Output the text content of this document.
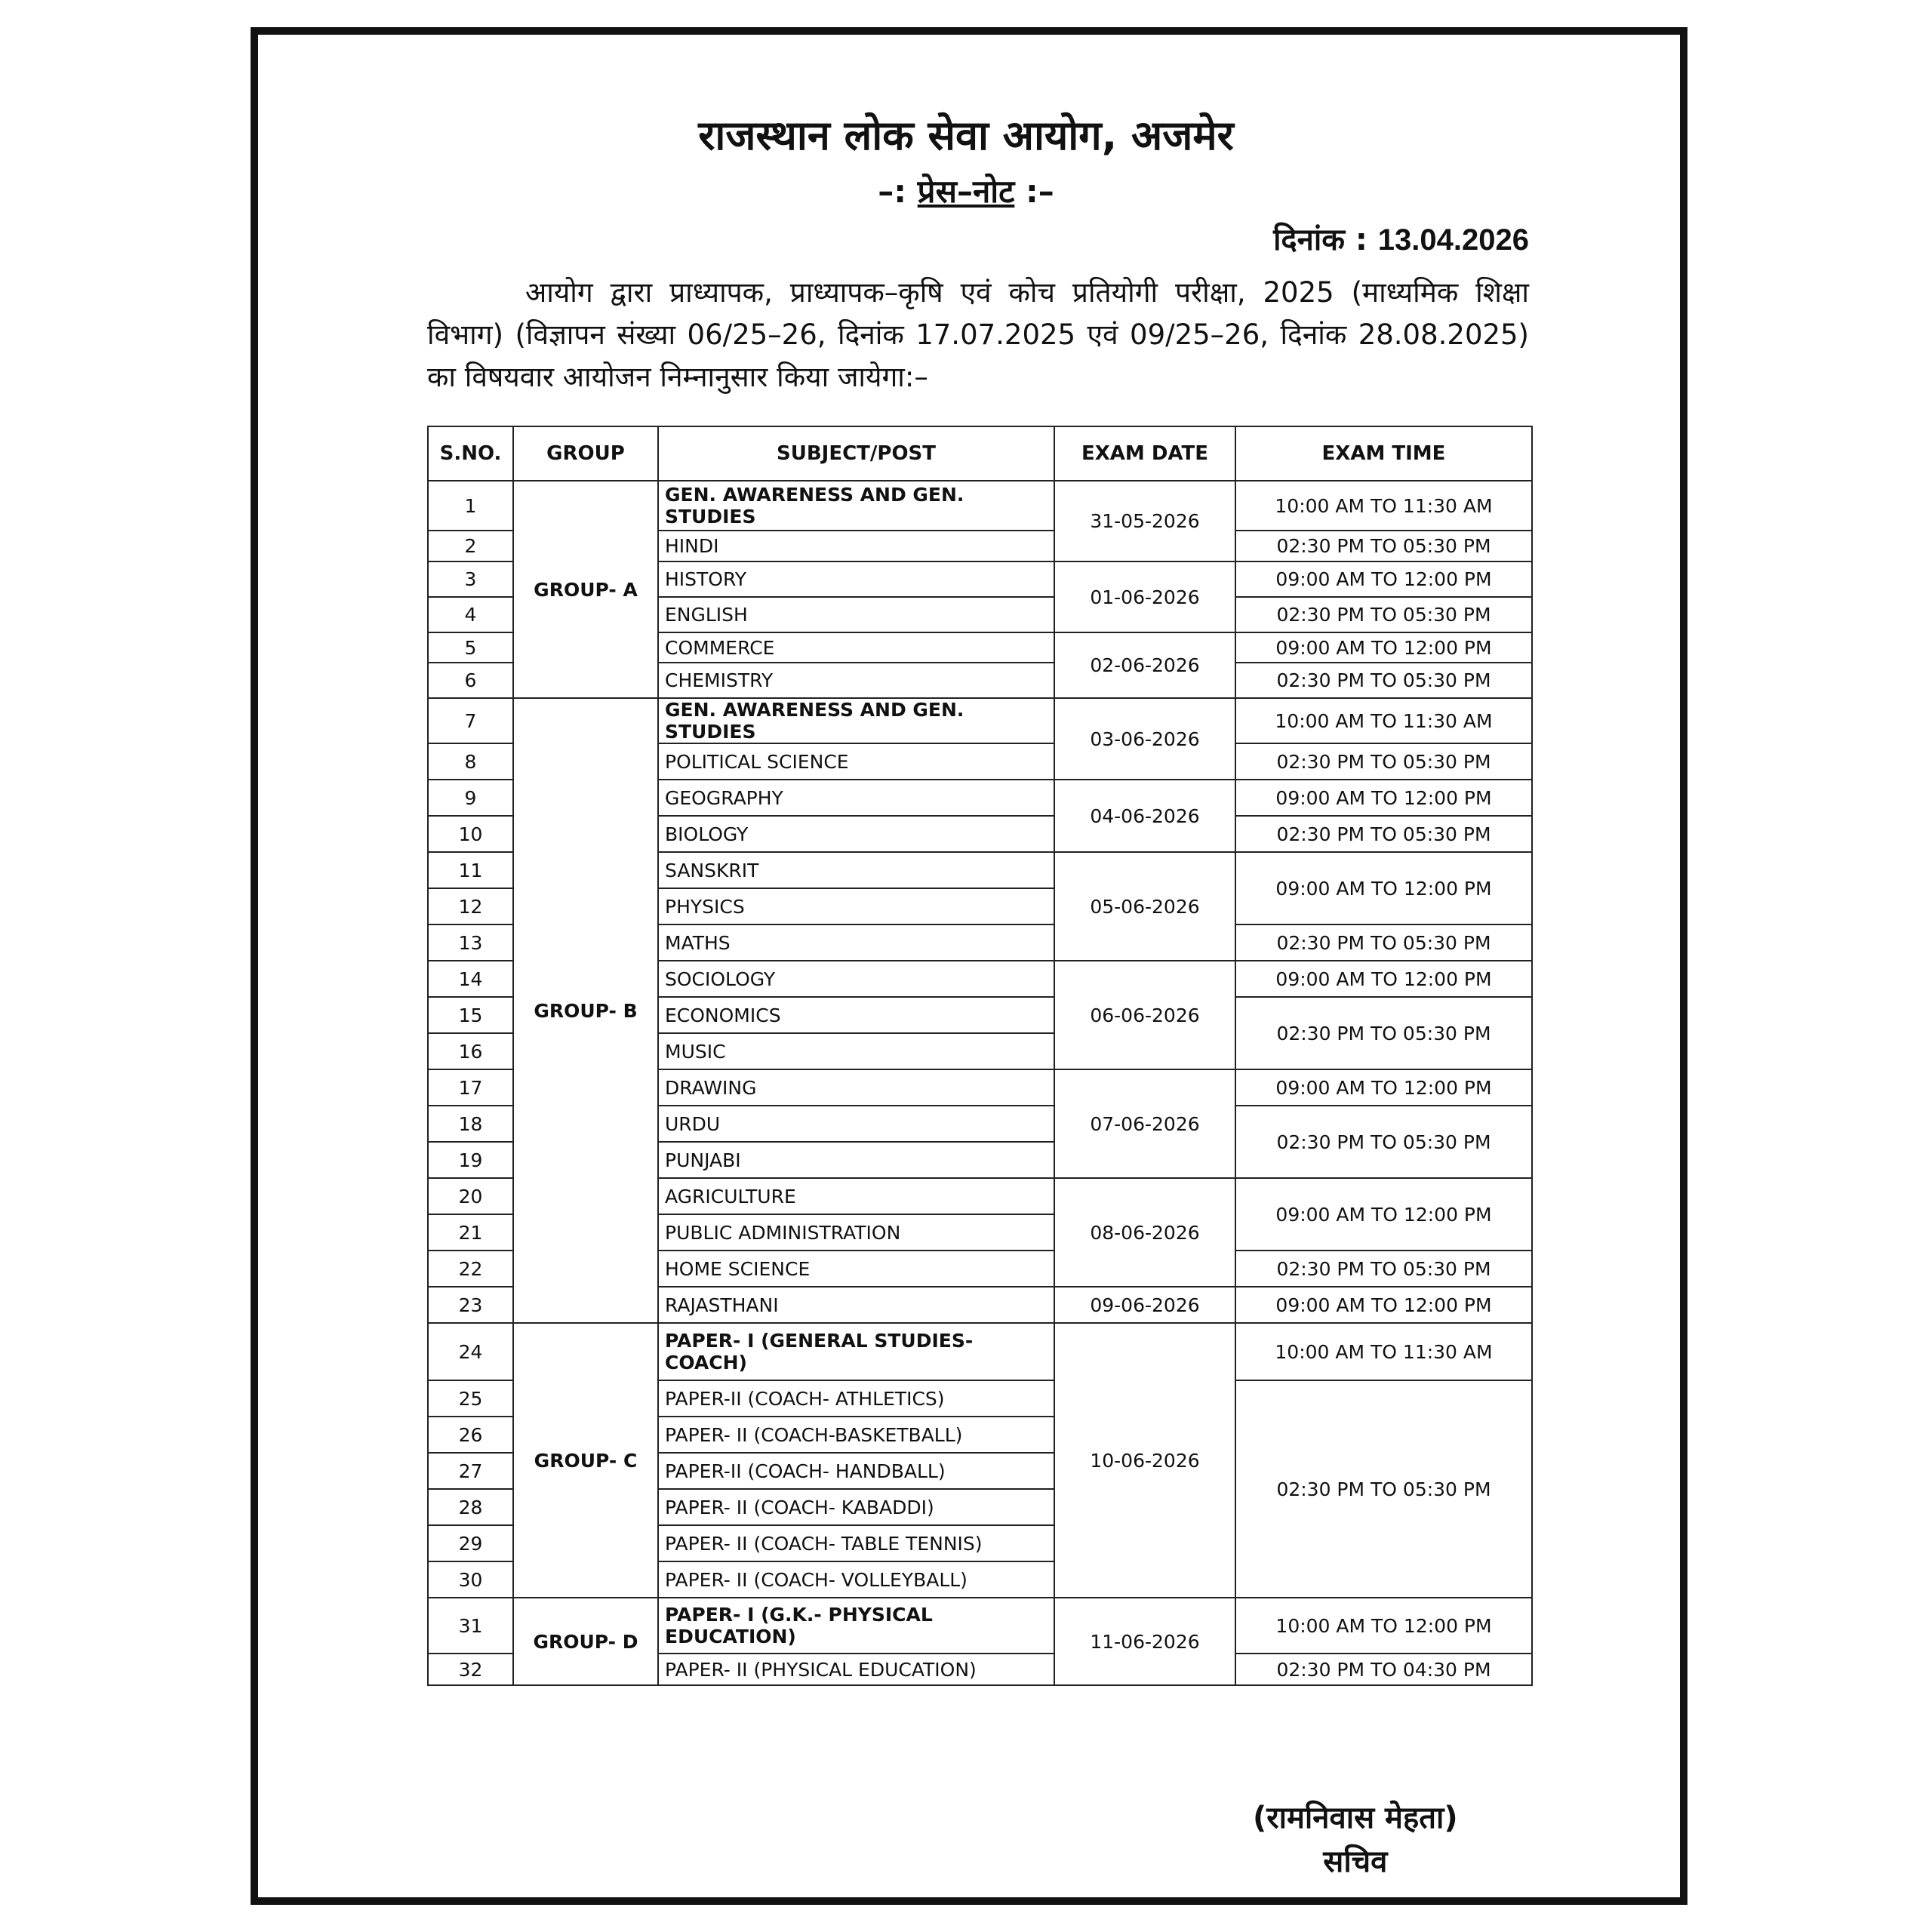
राजस्थान लोक सेवा आयोग, अजमेर
–: प्रेस–नोट :–
दिनांक : 13.04.2026
आयोग द्वारा प्राध्यापक, प्राध्यापक–कृषि एवं कोच प्रतियोगी परीक्षा, 2025 (माध्यमिक शिक्षा विभाग) (विज्ञापन संख्या 06/25–26, दिनांक 17.07.2025 एवं 09/25–26, दिनांक 28.08.2025) का विषयवार आयोजन निम्नानुसार किया जायेगा:–
S.NO.	GROUP	SUBJECT/POST	EXAM DATE	EXAM TIME
1	GROUP- A	GEN. AWARENESS AND GEN. STUDIES	31-05-2026	10:00 AM TO 11:30 AM
2		HINDI		02:30 PM TO 05:30 PM
3		HISTORY	01-06-2026	09:00 AM TO 12:00 PM
4		ENGLISH		02:30 PM TO 05:30 PM
5		COMMERCE	02-06-2026	09:00 AM TO 12:00 PM
6		CHEMISTRY		02:30 PM TO 05:30 PM
7	GROUP- B	GEN. AWARENESS AND GEN. STUDIES	03-06-2026	10:00 AM TO 11:30 AM
8		POLITICAL SCIENCE		02:30 PM TO 05:30 PM
9		GEOGRAPHY	04-06-2026	09:00 AM TO 12:00 PM
10		BIOLOGY		02:30 PM TO 05:30 PM
11		SANSKRIT	05-06-2026	09:00 AM TO 12:00 PM
12		PHYSICS		
13		MATHS		02:30 PM TO 05:30 PM
14		SOCIOLOGY	06-06-2026	09:00 AM TO 12:00 PM
15		ECONOMICS		02:30 PM TO 05:30 PM
16		MUSIC		
17		DRAWING	07-06-2026	09:00 AM TO 12:00 PM
18		URDU		02:30 PM TO 05:30 PM
19		PUNJABI		
20		AGRICULTURE	08-06-2026	09:00 AM TO 12:00 PM
21		PUBLIC ADMINISTRATION		
22		HOME SCIENCE		02:30 PM TO 05:30 PM
23		RAJASTHANI	09-06-2026	09:00 AM TO 12:00 PM
24	GROUP- C	PAPER- I (GENERAL STUDIES- COACH)	10-06-2026	10:00 AM TO 11:30 AM
25		PAPER-II (COACH- ATHLETICS)		02:30 PM TO 05:30 PM
26		PAPER- II (COACH-BASKETBALL)		
27		PAPER-II (COACH- HANDBALL)		
28		PAPER- II (COACH- KABADDI)		
29		PAPER- II (COACH- TABLE TENNIS)		
30		PAPER- II (COACH- VOLLEYBALL)		
31	GROUP- D	PAPER- I (G.K.- PHYSICAL EDUCATION)	11-06-2026	10:00 AM TO 12:00 PM
32		PAPER- II (PHYSICAL EDUCATION)		02:30 PM TO 04:30 PM
(रामनिवास मेहता)
सचिव
